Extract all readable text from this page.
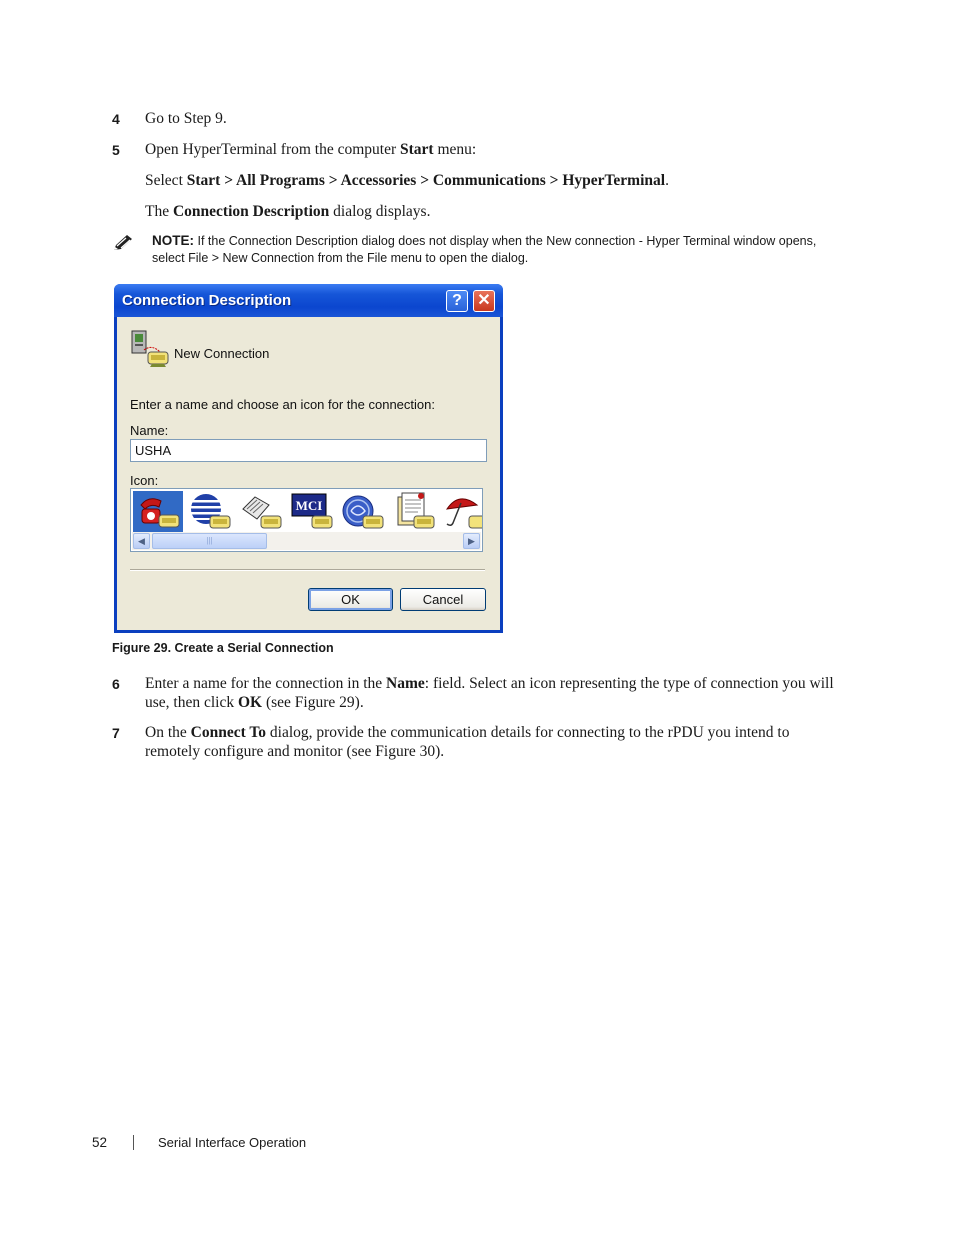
4 Go to Step 9.
5 Open HyperTerminal from the computer Start menu:
Select Start > All Programs > Accessories > Communications > HyperTerminal.
The Connection Description dialog displays.
NOTE: If the Connection Description dialog does not display when the New connection - Hyper Terminal window opens, select File > New Connection from the File menu to open the dialog.
Connection Description	? ✕
New Connection
Enter a name and choose an icon for the connection:
Name:
USHA
Icon:
MCI
◀	|||	▶
OK	Cancel
Figure 29. Create a Serial Connection
6 Enter a name for the connection in the Name: field. Select an icon representing the type of connection you will use, then click OK (see Figure 29).
7 On the Connect To dialog, provide the communication details for connecting to the rPDU you intend to remotely configure and monitor (see Figure 30).
52	Serial Interface Operation
